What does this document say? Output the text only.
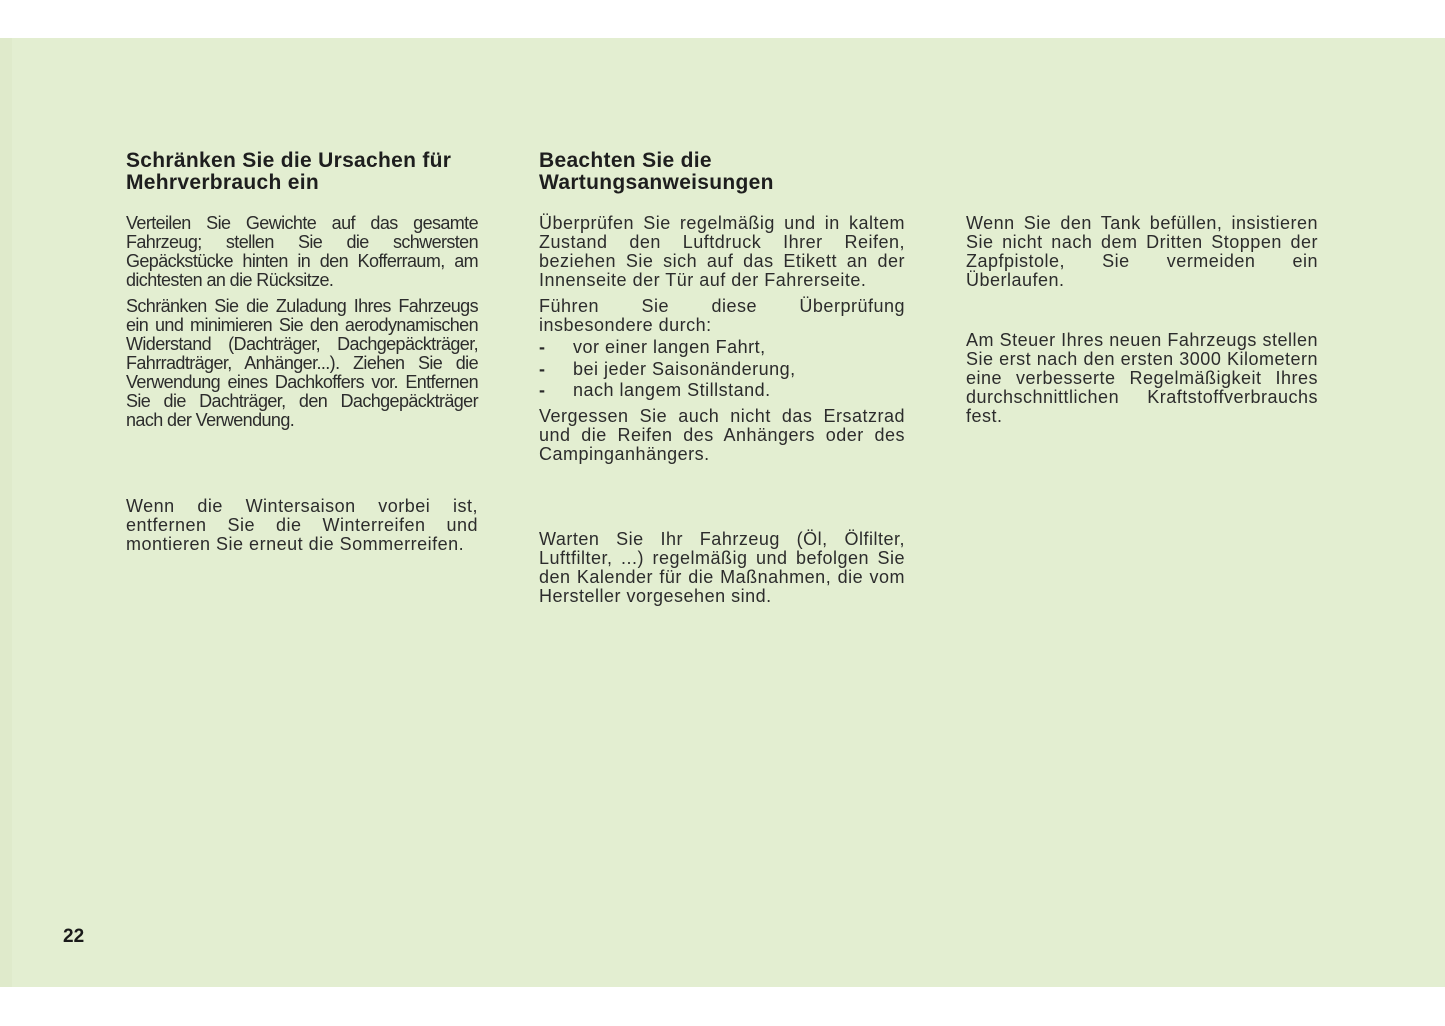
Schränken Sie die Ursachen für Mehrverbrauch ein

Verteilen Sie Gewichte auf das gesamte Fahrzeug; stellen Sie die schwersten Gepäckstücke hinten in den Kofferraum, am dichtesten an die Rücksitze.

Schränken Sie die Zuladung Ihres Fahrzeugs ein und minimieren Sie den aerodynamischen Widerstand (Dachträger, Dachgepäckträger, Fahrradträger, Anhänger...). Ziehen Sie die Verwendung eines Dachkoffers vor. Entfernen Sie die Dachträger, den Dachgepäckträger nach der Verwendung.

Wenn die Wintersaison vorbei ist, entfernen Sie die Winterreifen und montieren Sie erneut die Sommerreifen.

Beachten Sie die Wartungsanweisungen

Überprüfen Sie regelmäßig und in kaltem Zustand den Luftdruck Ihrer Reifen, beziehen Sie sich auf das Etikett an der Innenseite der Tür auf der Fahrerseite.

Führen Sie diese Überprüfung insbesondere durch:

- vor einer langen Fahrt,
- bei jeder Saisonänderung,
- nach langem Stillstand.

Vergessen Sie auch nicht das Ersatzrad und die Reifen des Anhängers oder des Campinganhängers.

Warten Sie Ihr Fahrzeug (Öl, Ölfilter, Luftfilter, ...) regelmäßig und befolgen Sie den Kalender für die Maßnahmen, die vom Hersteller vorgesehen sind.

Wenn Sie den Tank befüllen, insistieren Sie nicht nach dem Dritten Stoppen der Zapfpistole, Sie vermeiden ein Überlaufen.

Am Steuer Ihres neuen Fahrzeugs stellen Sie erst nach den ersten 3000 Kilometern eine verbesserte Regelmäßigkeit Ihres durchschnittlichen Kraftstoffverbrauchs fest.

22
